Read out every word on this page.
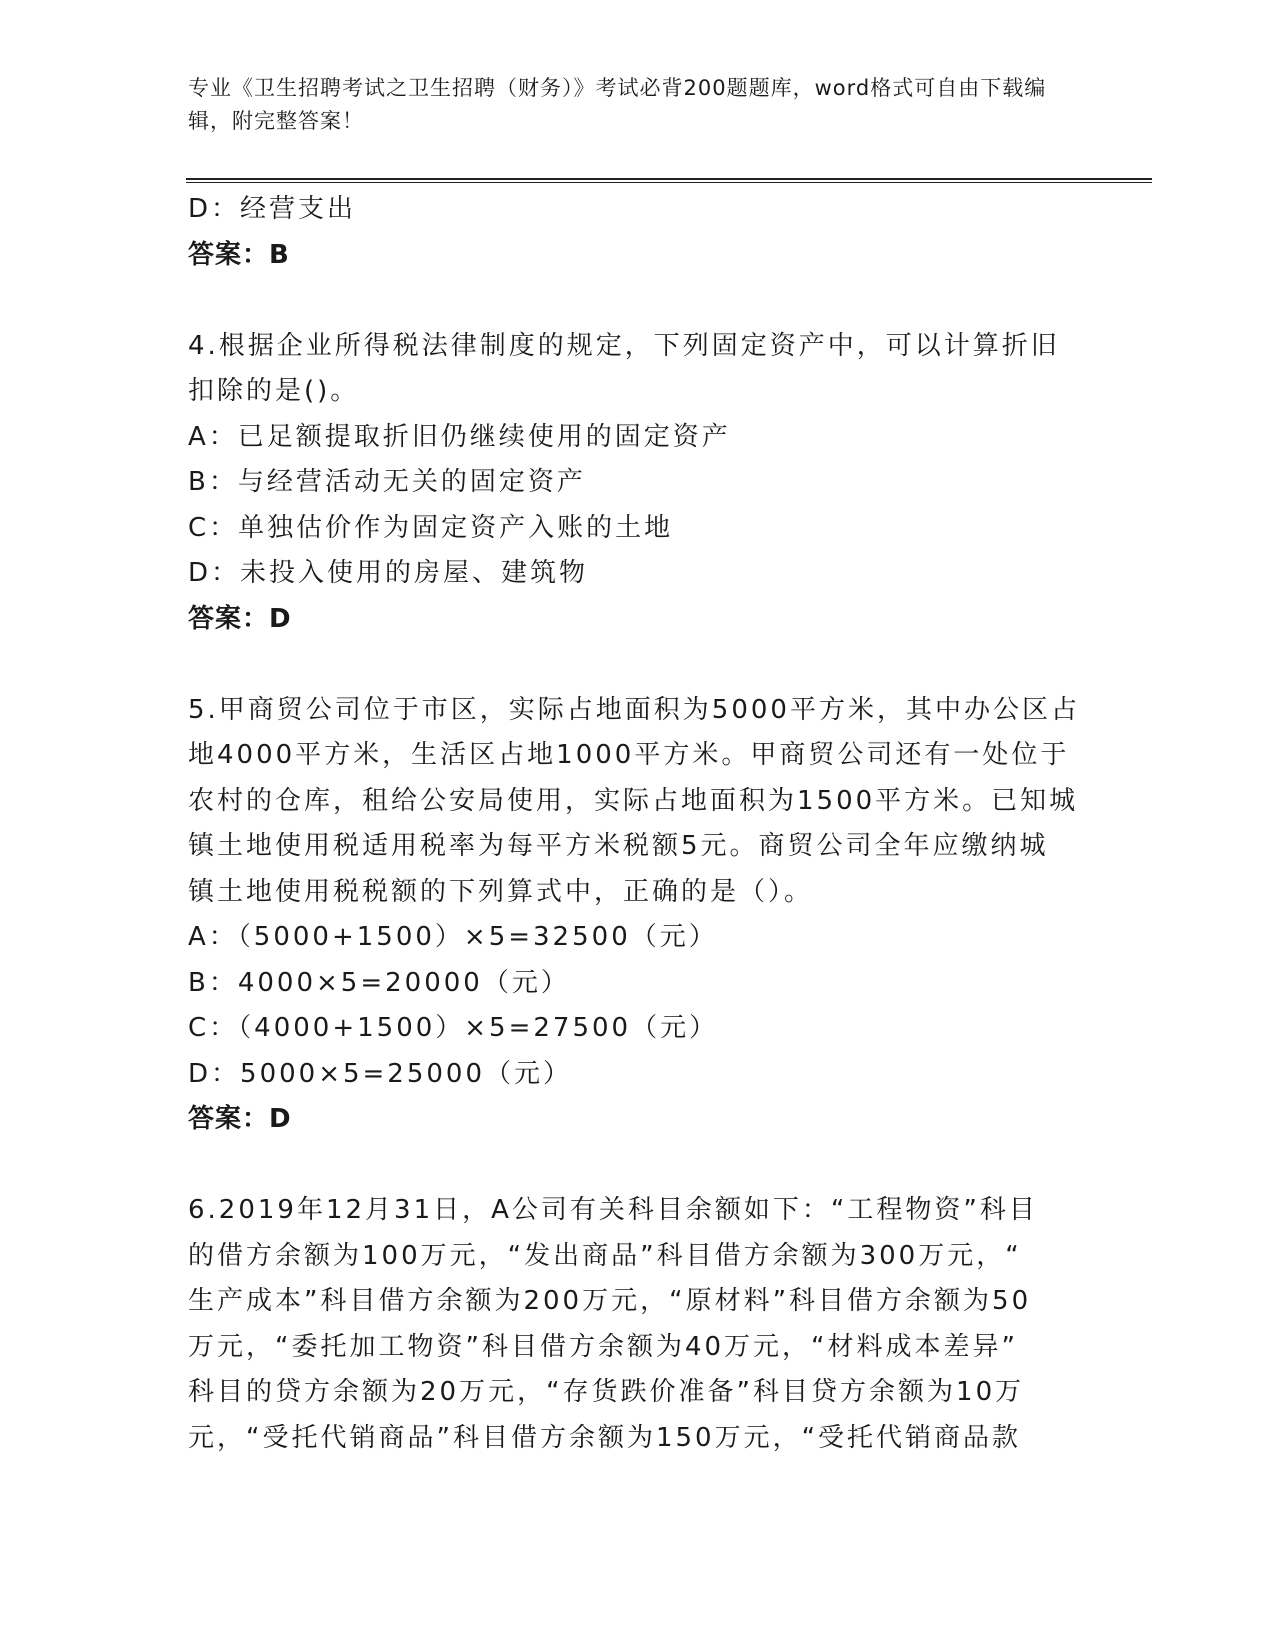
专业《卫生招聘考试之卫生招聘（财务）》考试必背200题题库，word格式可自由下载编辑，附完整答案！
D：经营支出
答案：B
4.根据企业所得税法律制度的规定，下列固定资产中，可以计算折旧
扣除的是()。
A：已足额提取折旧仍继续使用的固定资产
B：与经营活动无关的固定资产
C：单独估价作为固定资产入账的土地
D：未投入使用的房屋、建筑物
答案：D
5.甲商贸公司位于市区，实际占地面积为5000平方米，其中办公区占
地4000平方米，生活区占地1000平方米。甲商贸公司还有一处位于
农村的仓库，租给公安局使用，实际占地面积为1500平方米。已知城
镇土地使用税适用税率为每平方米税额5元。商贸公司全年应缴纳城
镇土地使用税税额的下列算式中，正确的是（）。
A：（5000+1500）×5=32500（元）
B：4000×5=20000（元）
C：（4000+1500）×5=27500（元）
D：5000×5=25000（元）
答案：D
6.2019年12月31日，A公司有关科目余额如下：“工程物资”科目
的借方余额为100万元，“发出商品”科目借方余额为300万元，“
生产成本”科目借方余额为200万元，“原材料”科目借方余额为50
万元，“委托加工物资”科目借方余额为40万元，“材料成本差异”
科目的贷方余额为20万元，“存货跌价准备”科目贷方余额为10万
元，“受托代销商品”科目借方余额为150万元，“受托代销商品款
